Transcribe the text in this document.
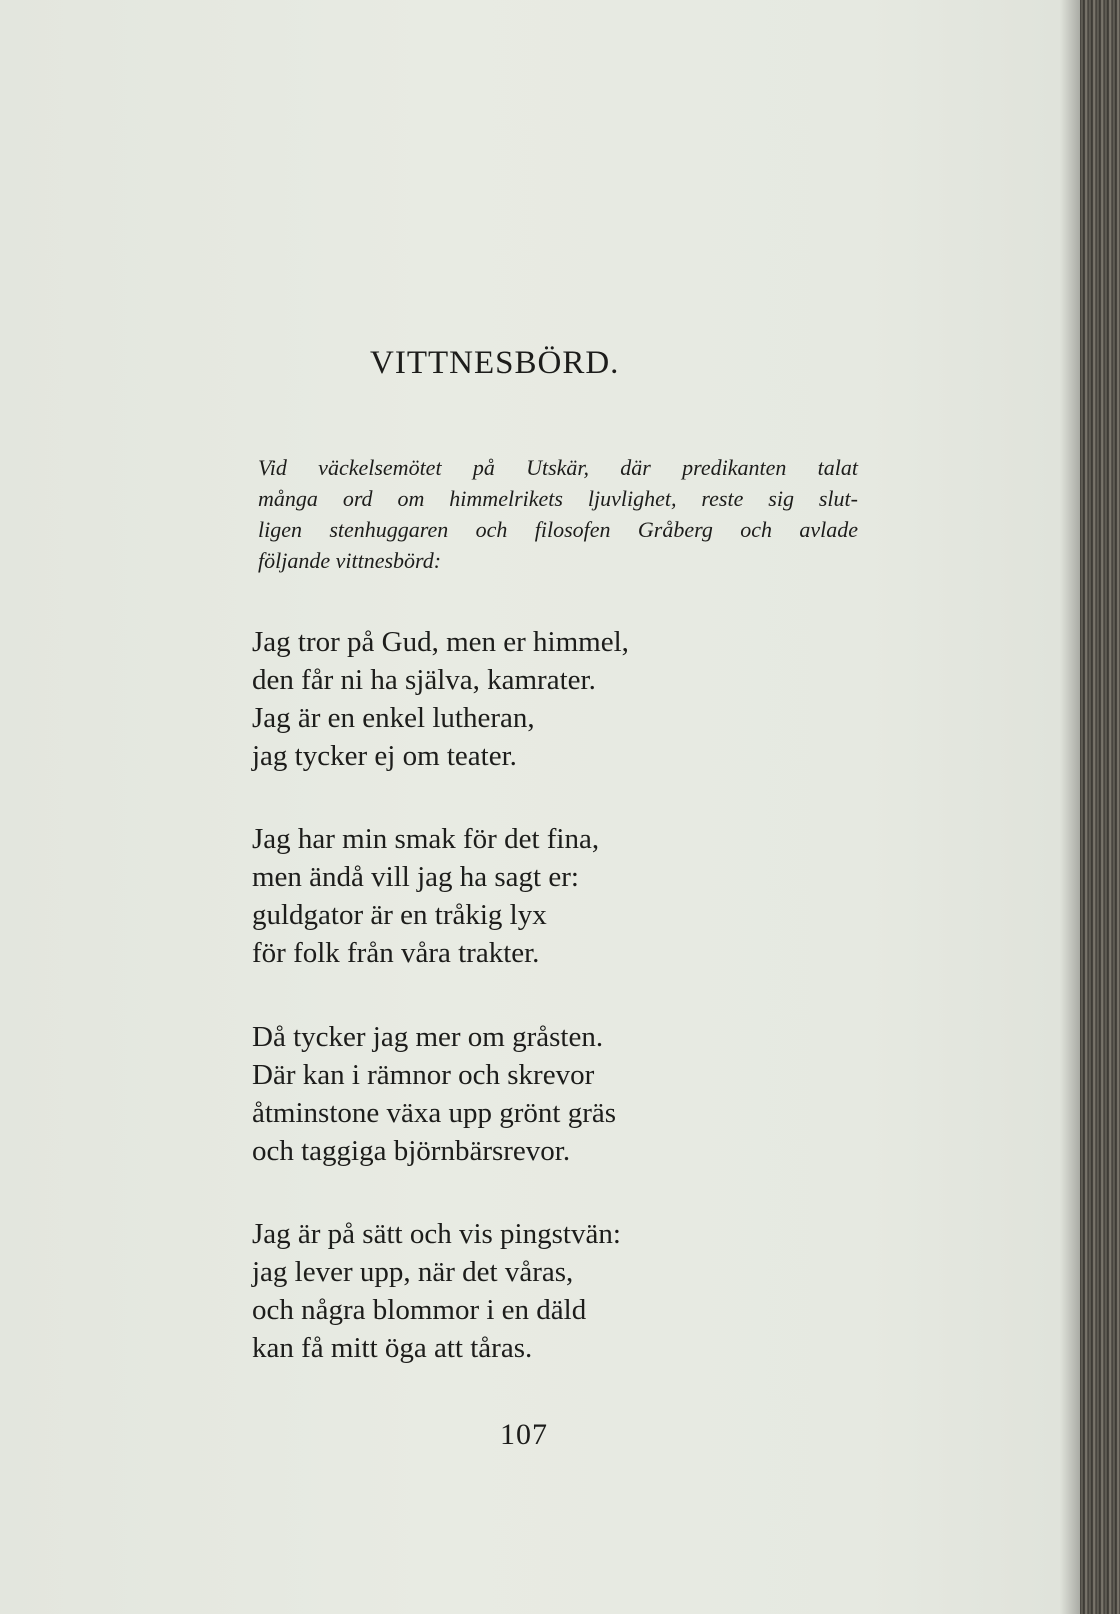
VITTNESBÖRD.
Vid väckelsemötet på Utskär, där predikanten talat
många ord om himmelrikets ljuvlighet, reste sig slut-
ligen stenhuggaren och filosofen Gråberg och avlade
följande vittnesbörd:
Jag tror på Gud, men er himmel,
den får ni ha själva, kamrater.
Jag är en enkel lutheran,
jag tycker ej om teater.
Jag har min smak för det fina,
men ändå vill jag ha sagt er:
guldgator är en tråkig lyx
för folk från våra trakter.
Då tycker jag mer om gråsten.
Där kan i rämnor och skrevor
åtminstone växa upp grönt gräs
och taggiga björnbärsrevor.
Jag är på sätt och vis pingstvän:
jag lever upp, när det våras,
och några blommor i en däld
kan få mitt öga att tåras.
107
